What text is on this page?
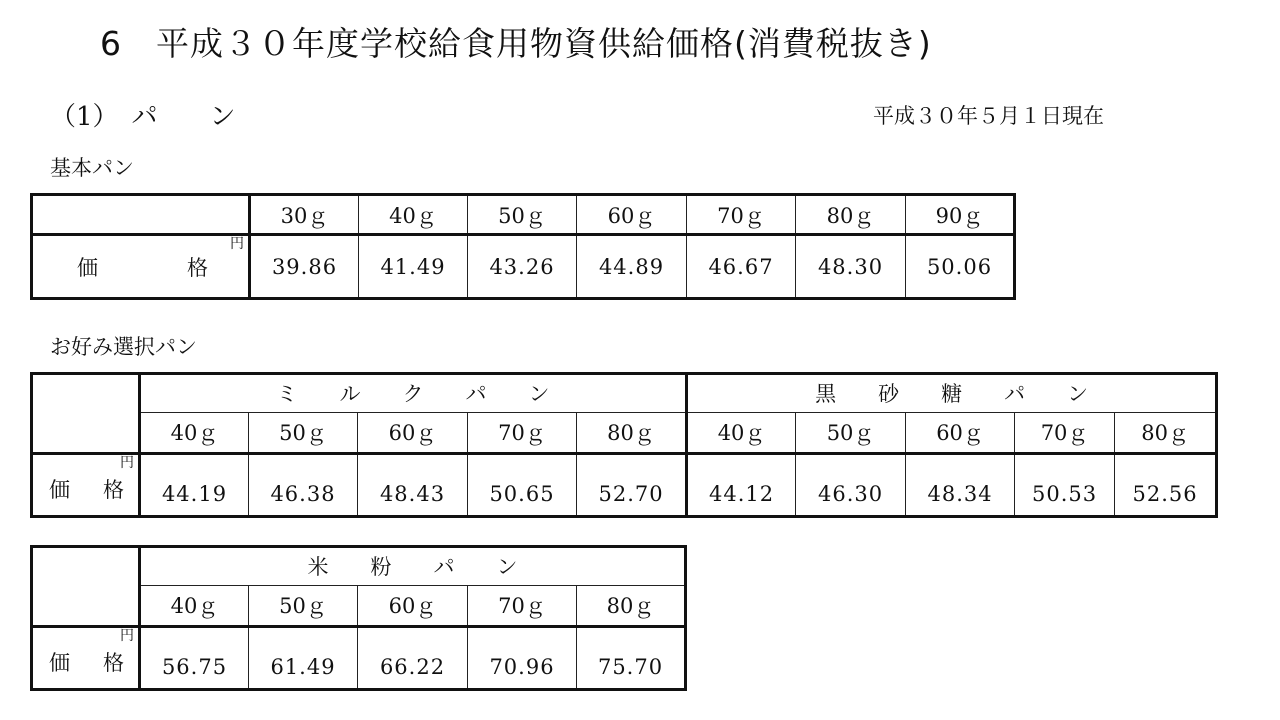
6　平成３０年度学校給食用物資供給価格(消費税抜き)
（1）　パ　　ン	平成３０年５月１日現在
基本パン
	30ｇ	40ｇ	50ｇ	60ｇ	70ｇ	80ｇ	90ｇ

円
価 格	39.86	41.49	43.26	44.89	46.67	48.30	50.06
お好み選択パン
	ミ　　ル　　ク　　パ　　ン					黒　　砂　　糖　　パ　　ン				
	40ｇ	50ｇ	60ｇ	70ｇ	80ｇ	40ｇ	50ｇ	60ｇ	70ｇ	80ｇ

円
価 格	44.19	46.38	48.43	50.65	52.70	44.12	46.30	48.34	50.53	52.56
	米　　粉　　パ　　ン				
	40ｇ	50ｇ	60ｇ	70ｇ	80ｇ

円
価 格	56.75	61.49	66.22	70.96	75.70
